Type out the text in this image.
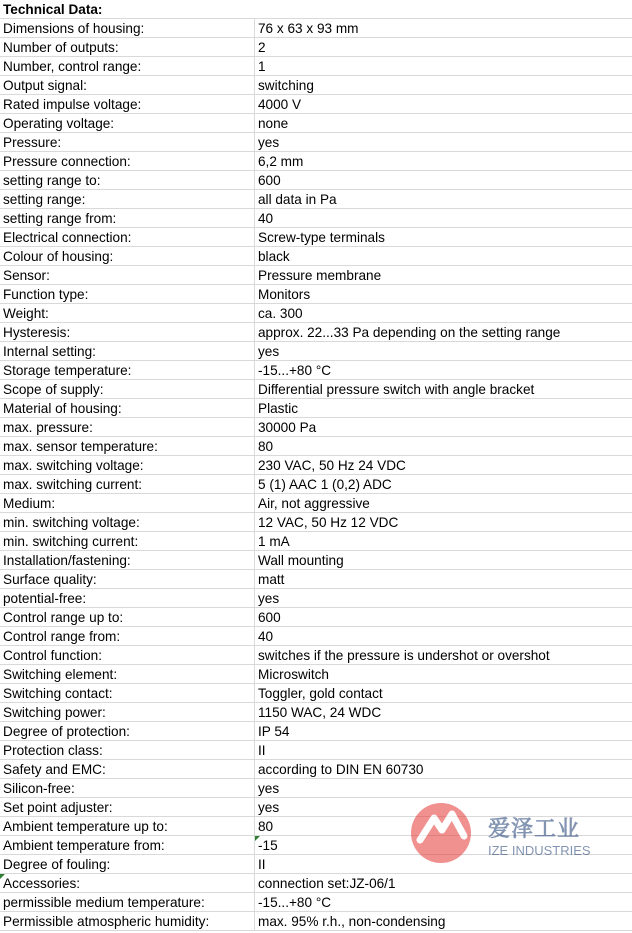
Technical Data:
Dimensions of housing:	76 x 63 x 93 mm
Number of outputs:	2
Number, control range:	1
Output signal:	switching
Rated impulse voltage:	4000 V
Operating voltage:	none
Pressure:	yes
Pressure connection:	6,2 mm
setting range to:	600
setting range:	all data in Pa
setting range from:	40
Electrical connection:	Screw-type terminals
Colour of housing:	black
Sensor:	Pressure membrane
Function type:	Monitors
Weight:	ca. 300
Hysteresis:	approx. 22...33 Pa depending on the setting range
Internal setting:	yes
Storage temperature:	-15...+80 °C
Scope of supply:	Differential pressure switch with angle bracket
Material of housing:	Plastic
max. pressure:	30000 Pa
max. sensor temperature:	80
max. switching voltage:	230 VAC, 50 Hz 24 VDC
max. switching current:	5 (1) AAC 1 (0,2) ADC
Medium:	Air, not aggressive
min. switching voltage:	12 VAC, 50 Hz 12 VDC
min. switching current:	1 mA
Installation/fastening:	Wall mounting
Surface quality:	matt
potential-free:	yes
Control range up to:	600
Control range from:	40
Control function:	switches if the pressure is undershot or overshot
Switching element:	Microswitch
Switching contact:	Toggler, gold contact
Switching power:	1150 WAC, 24 WDC
Degree of protection:	IP 54
Protection class:	II
Safety and EMC:	according to DIN EN 60730
Silicon-free:	yes
Set point adjuster:	yes
Ambient temperature up to:	80
Ambient temperature from:	-15
Degree of fouling:	II
Accessories:	connection set:JZ-06/1
permissible medium temperature:	-15...+80 °C
Permissible atmospheric humidity:	max. 95% r.h., non-condensing
爱泽工业
IZE INDUSTRIES
